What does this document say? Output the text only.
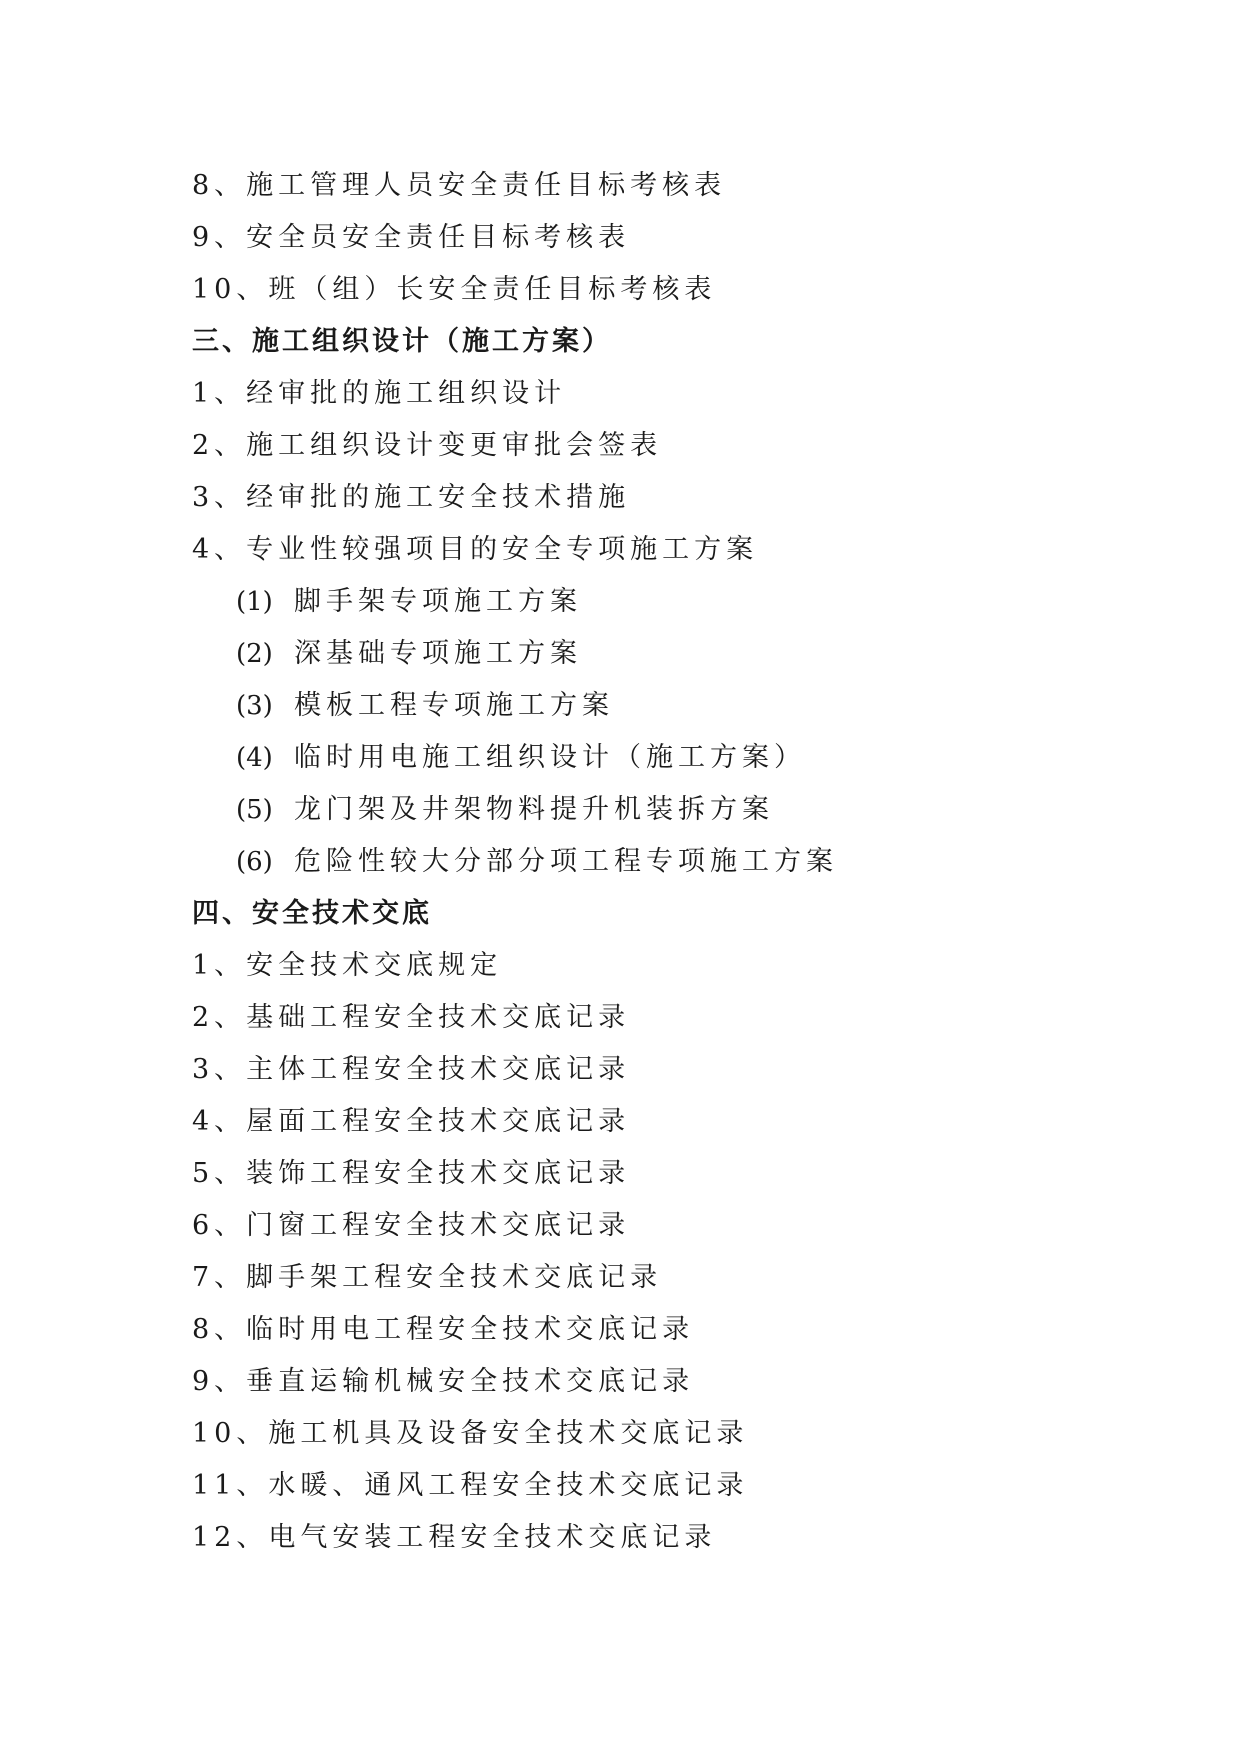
8、施工管理人员安全责任目标考核表
9、安全员安全责任目标考核表
10、班（组）长安全责任目标考核表
三、施工组织设计（施工方案）
1、经审批的施工组织设计
2、施工组织设计变更审批会签表
3、经审批的施工安全技术措施
4、专业性较强项目的安全专项施工方案
(1) 脚手架专项施工方案
(2) 深基础专项施工方案
(3) 模板工程专项施工方案
(4) 临时用电施工组织设计（施工方案）
(5) 龙门架及井架物料提升机装拆方案
(6) 危险性较大分部分项工程专项施工方案
四、安全技术交底
1、安全技术交底规定
2、基础工程安全技术交底记录
3、主体工程安全技术交底记录
4、屋面工程安全技术交底记录
5、装饰工程安全技术交底记录
6、门窗工程安全技术交底记录
7、脚手架工程安全技术交底记录
8、临时用电工程安全技术交底记录
9、垂直运输机械安全技术交底记录
10、施工机具及设备安全技术交底记录
11、水暖、通风工程安全技术交底记录
12、电气安装工程安全技术交底记录
